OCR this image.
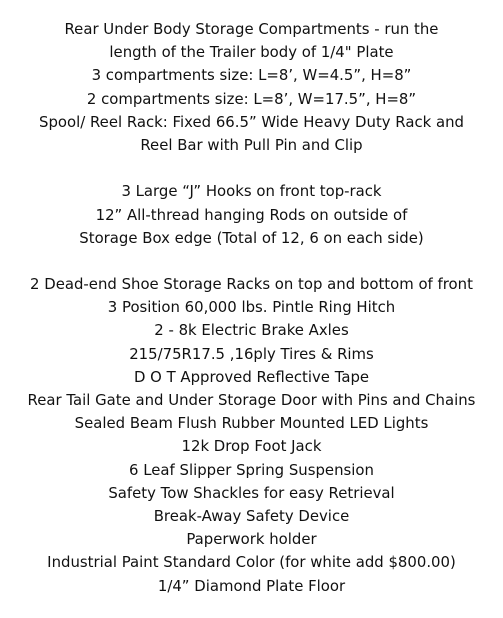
Rear Under Body Storage Compartments - run the
length of the Trailer body of 1/4" Plate
3 compartments size: L=8’, W=4.5”, H=8”
2 compartments size: L=8’, W=17.5”, H=8”
Spool/ Reel Rack: Fixed 66.5” Wide Heavy Duty Rack and
Reel Bar with Pull Pin and Clip
3 Large “J” Hooks on front top-rack
12” All-thread hanging Rods on outside of
Storage Box edge (Total of 12, 6 on each side)
2 Dead-end Shoe Storage Racks on top and bottom of front
3 Position 60,000 lbs. Pintle Ring Hitch
2 - 8k Electric Brake Axles
215/75R17.5 ,16ply Tires & Rims
D O T Approved Reflective Tape
Rear Tail Gate and Under Storage Door with Pins and Chains
Sealed Beam Flush Rubber Mounted LED Lights
12k Drop Foot Jack
6 Leaf Slipper Spring Suspension
Safety Tow Shackles for easy Retrieval
Break-Away Safety Device
Paperwork holder
Industrial Paint Standard Color (for white add $800.00)
1/4” Diamond Plate Floor
